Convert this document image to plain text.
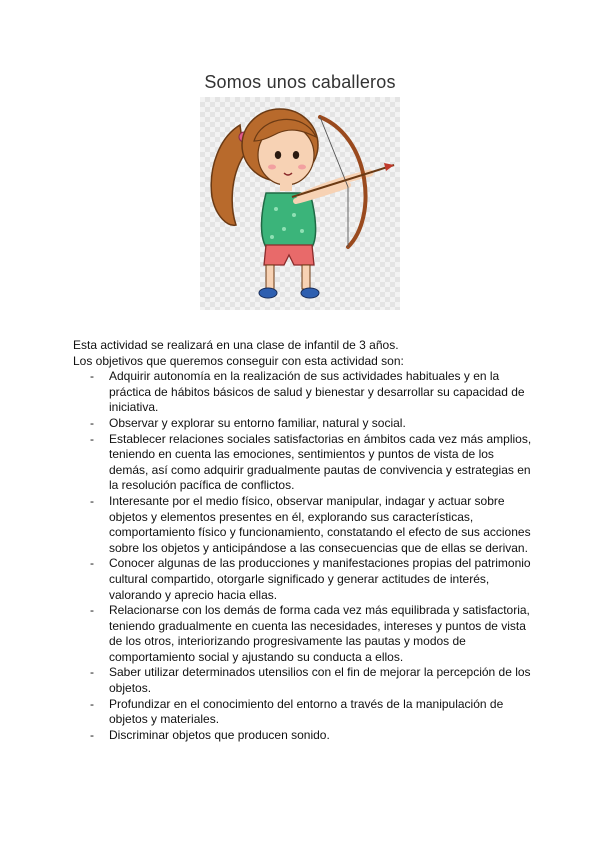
Somos unos caballeros

Esta actividad se realizará en una clase de infantil de 3 años.

Los objetivos que queremos conseguir con esta actividad son:

- Adquirir autonomía en la realización de sus actividades habituales y en la práctica de hábitos básicos de salud y bienestar y desarrollar su capacidad de iniciativa.
- Observar y explorar su entorno familiar, natural y social.
- Establecer relaciones sociales satisfactorias en ámbitos cada vez más amplios, teniendo en cuenta las emociones, sentimientos y puntos de vista de los demás, así como adquirir gradualmente pautas de convivencia y estrategias en la resolución pacífica de conflictos.
- Interesante por el medio físico, observar manipular, indagar y actuar sobre objetos y elementos presentes en él, explorando sus características, comportamiento físico y funcionamiento, constatando el efecto de sus acciones sobre los objetos y anticipándose a las consecuencias que de ellas se derivan.
- Conocer algunas de las producciones y manifestaciones propias del patrimonio cultural compartido, otorgarle significado y generar actitudes de interés, valorando y aprecio hacia ellas.
- Relacionarse con los demás de forma cada vez más equilibrada y satisfactoria, teniendo gradualmente en cuenta las necesidades, intereses y puntos de vista de los otros, interiorizando progresivamente las pautas y modos de comportamiento social y ajustando su conducta a ellos.
- Saber utilizar determinados utensilios con el fin de mejorar la percepción de los objetos.
- Profundizar en el conocimiento del entorno a través de la manipulación de objetos y materiales.
- Discriminar objetos que producen sonido.
